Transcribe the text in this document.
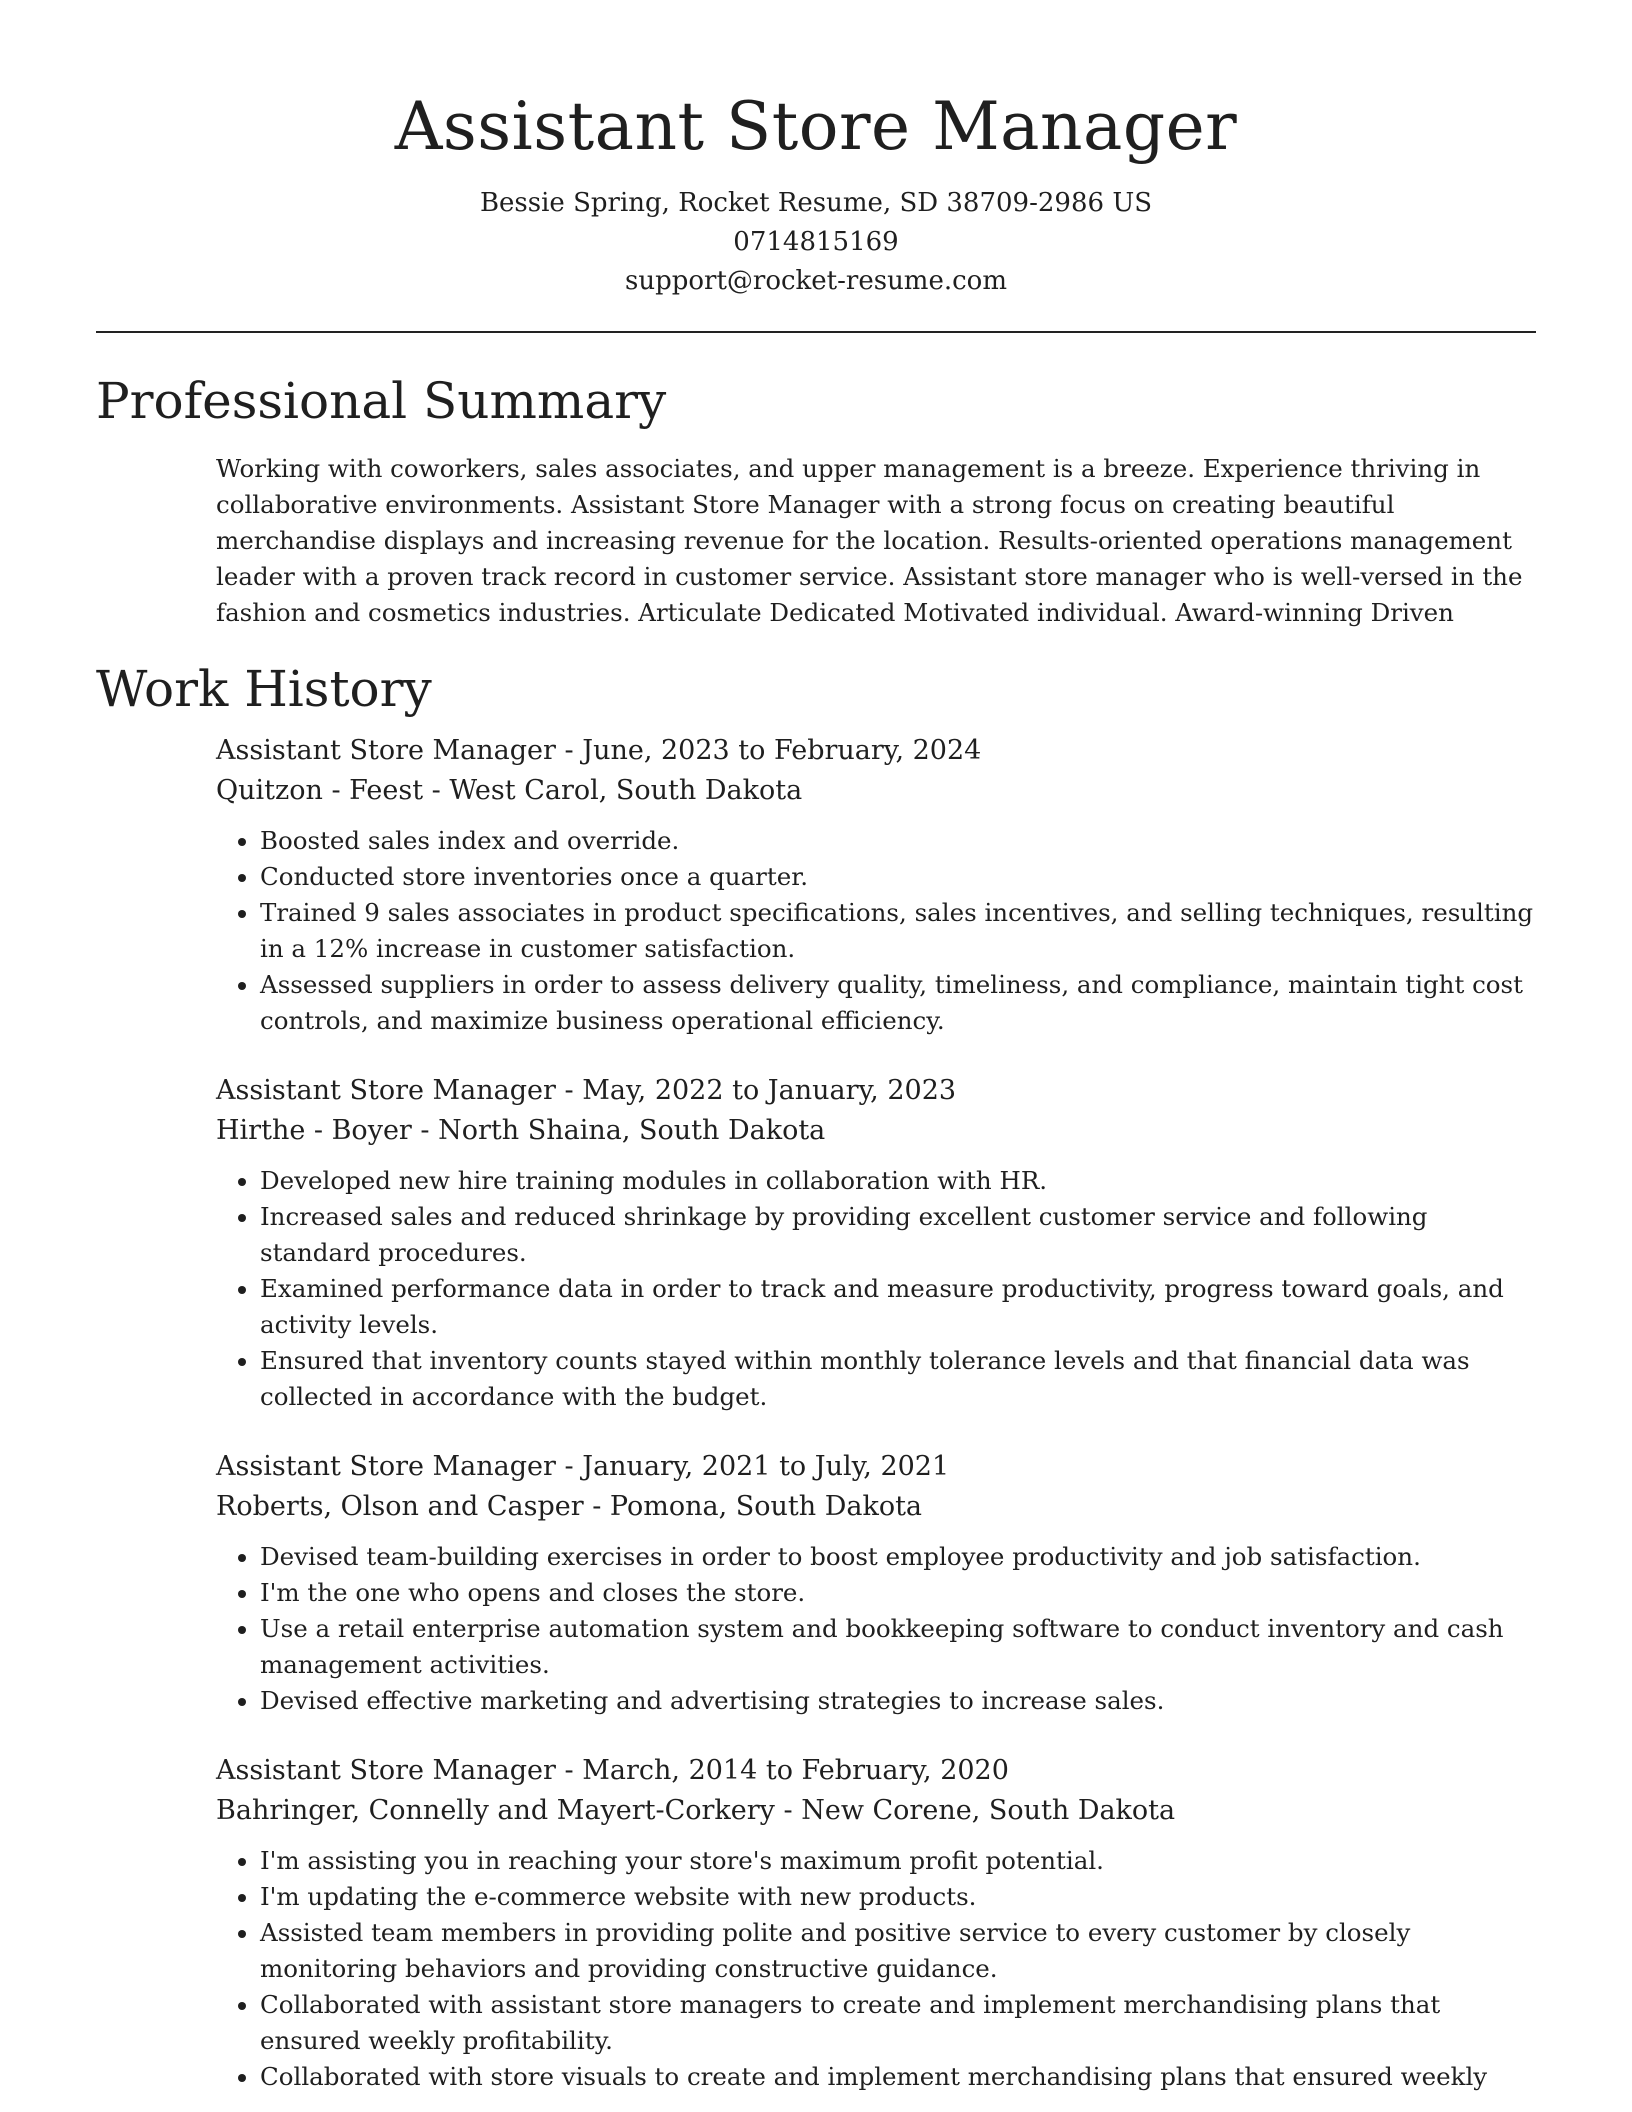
Assistant Store Manager
Bessie Spring, Rocket Resume, SD 38709-2986 US
0714815169
support@rocket-resume.com
Professional Summary

Working with coworkers, sales associates, and upper management is a breeze. Experience thriving in collaborative environments. Assistant Store Manager with a strong focus on creating beautiful merchandise displays and increasing revenue for the location. Results-oriented operations management leader with a proven track record in customer service. Assistant store manager who is well-versed in the fashion and cosmetics industries. Articulate Dedicated Motivated individual. Award-winning Driven

Work History
Assistant Store Manager - June, 2023 to February, 2024
Quitzon - Feest - West Carol, South Dakota
• Boosted sales index and override.
• Conducted store inventories once a quarter.
• Trained 9 sales associates in product specifications, sales incentives, and selling techniques, resulting in a 12% increase in customer satisfaction.
• Assessed suppliers in order to assess delivery quality, timeliness, and compliance, maintain tight cost controls, and maximize business operational efficiency.
Assistant Store Manager - May, 2022 to January, 2023
Hirthe - Boyer - North Shaina, South Dakota
• Developed new hire training modules in collaboration with HR.
• Increased sales and reduced shrinkage by providing excellent customer service and following standard procedures.
• Examined performance data in order to track and measure productivity, progress toward goals, and activity levels.
• Ensured that inventory counts stayed within monthly tolerance levels and that financial data was collected in accordance with the budget.
Assistant Store Manager - January, 2021 to July, 2021
Roberts, Olson and Casper - Pomona, South Dakota
• Devised team-building exercises in order to boost employee productivity and job satisfaction.
• I'm the one who opens and closes the store.
• Use a retail enterprise automation system and bookkeeping software to conduct inventory and cash management activities.
• Devised effective marketing and advertising strategies to increase sales.
Assistant Store Manager - March, 2014 to February, 2020
Bahringer, Connelly and Mayert-Corkery - New Corene, South Dakota
• I'm assisting you in reaching your store's maximum profit potential.
• I'm updating the e-commerce website with new products.
• Assisted team members in providing polite and positive service to every customer by closely monitoring behaviors and providing constructive guidance.
• Collaborated with assistant store managers to create and implement merchandising plans that ensured weekly profitability.
• Collaborated with store visuals to create and implement merchandising plans that ensured weekly
